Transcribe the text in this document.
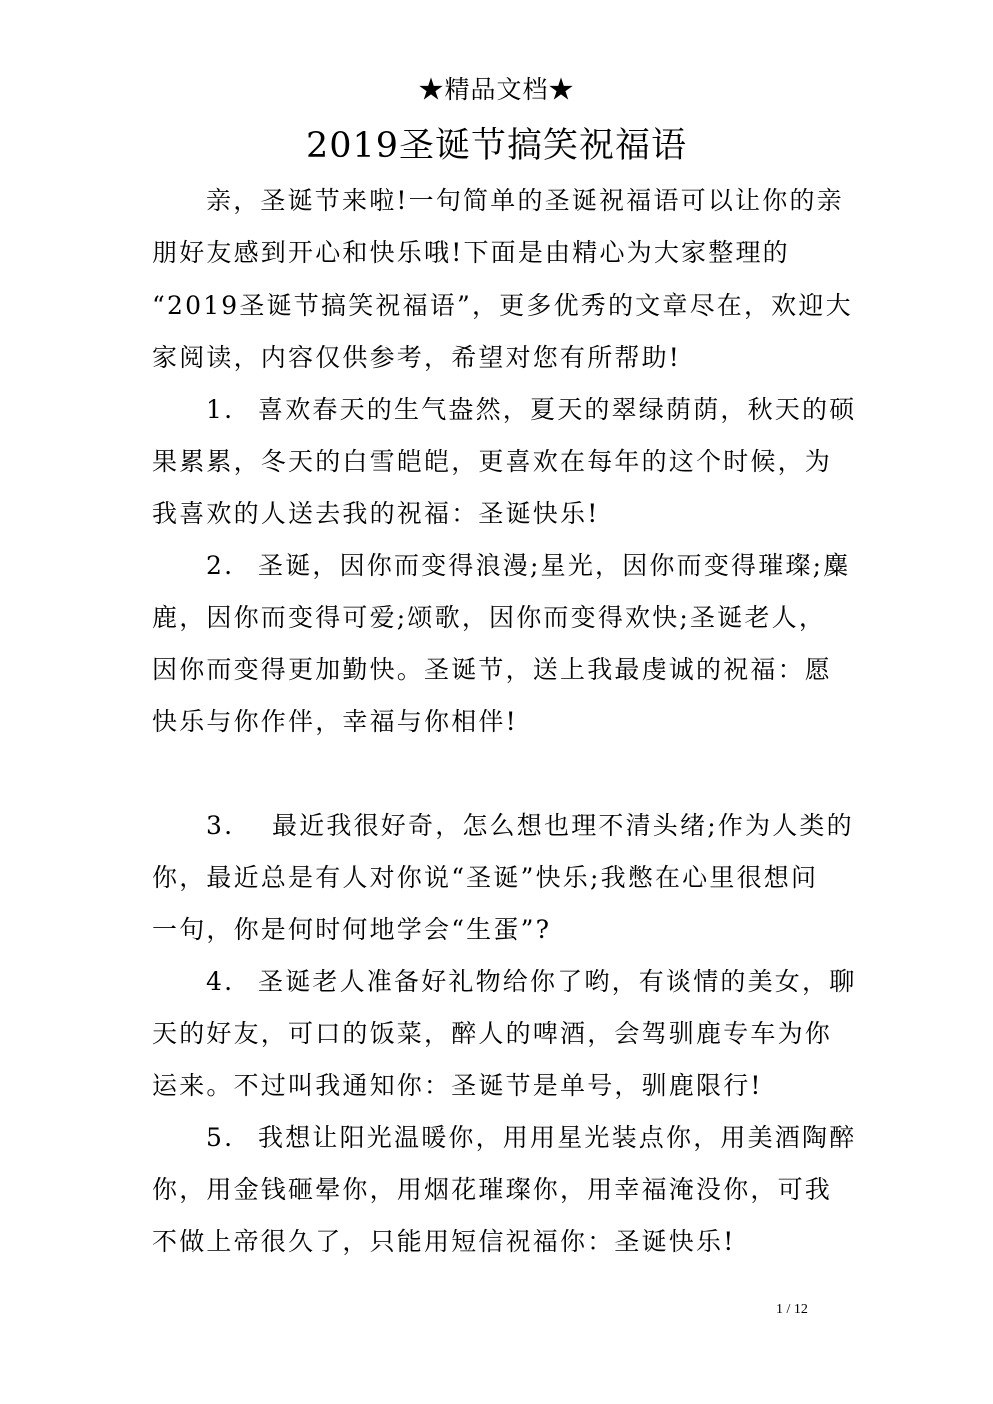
★精品文档★
2019圣诞节搞笑祝福语
亲，圣诞节来啦!一句简单的圣诞祝福语可以让你的亲
朋好友感到开心和快乐哦!下面是由精心为大家整理的
“2019圣诞节搞笑祝福语”，更多优秀的文章尽在，欢迎大
家阅读，内容仅供参考，希望对您有所帮助!
1. 喜欢春天的生气盎然，夏天的翠绿荫荫，秋天的硕
果累累，冬天的白雪皑皑，更喜欢在每年的这个时候，为
我喜欢的人送去我的祝福：圣诞快乐!
2. 圣诞，因你而变得浪漫;星光，因你而变得璀璨;麋
鹿，因你而变得可爱;颂歌，因你而变得欢快;圣诞老人，
因你而变得更加勤快。圣诞节，送上我最虔诚的祝福：愿
快乐与你作伴，幸福与你相伴!
3. 最近我很好奇，怎么想也理不清头绪;作为人类的
你，最近总是有人对你说“圣诞”快乐;我憋在心里很想问
一句，你是何时何地学会“生蛋”?
4. 圣诞老人准备好礼物给你了哟，有谈情的美女，聊
天的好友，可口的饭菜，醉人的啤酒，会驾驯鹿专车为你
运来。不过叫我通知你：圣诞节是单号，驯鹿限行!
5. 我想让阳光温暖你，用用星光装点你，用美酒陶醉
你，用金钱砸晕你，用烟花璀璨你，用幸福淹没你，可我
不做上帝很久了，只能用短信祝福你：圣诞快乐!
1 / 12
